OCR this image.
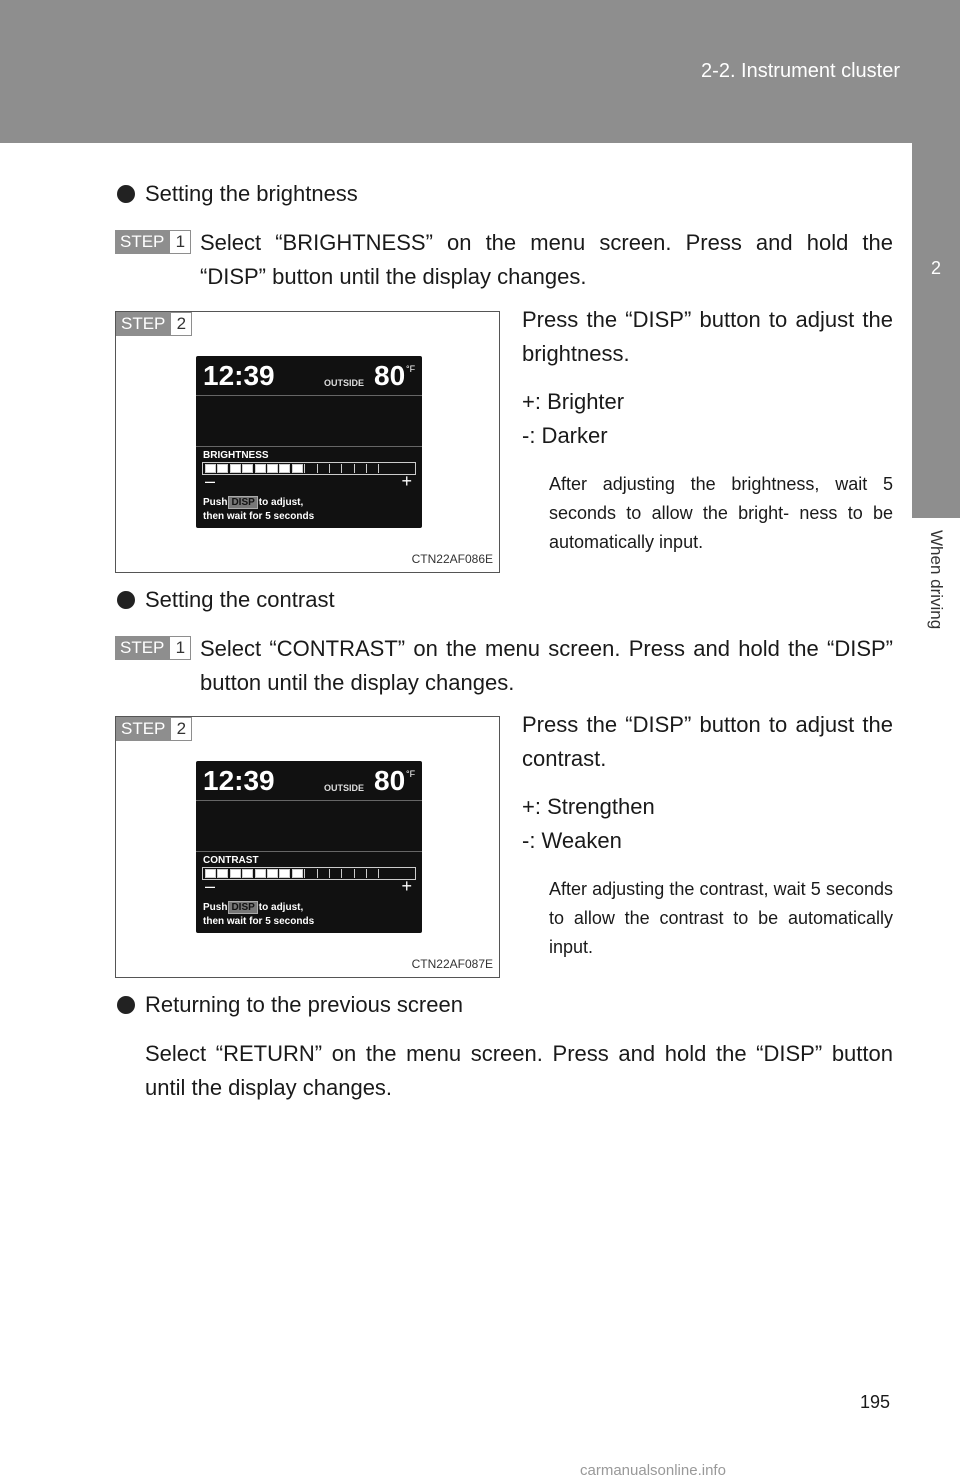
2-2. Instrument cluster
2
When driving
Setting the brightness
STEP 1 Select “BRIGHTNESS” on the menu screen. Press and hold the “DISP” button until the display changes.
STEP 2
12:39	OUTSIDE 80 °F
BRIGHTNESS
–	+
Push DISP to adjust,
then wait for 5 seconds
CTN22AF086E
Press the “DISP” button to adjust the brightness.
+: Brighter
-: Darker
After adjusting the brightness, wait 5 seconds to allow the bright- ness to be automatically input.
Setting the contrast
STEP 1 Select “CONTRAST” on the menu screen. Press and hold the “DISP” button until the display changes.
STEP 2
12:39	OUTSIDE 80 °F
CONTRAST
–	+
Push DISP to adjust,
then wait for 5 seconds
CTN22AF087E
Press the “DISP” button to adjust the contrast.
+: Strengthen
-: Weaken
After adjusting the contrast, wait 5 seconds to allow the contrast to be automatically input.
Returning to the previous screen
Select “RETURN” on the menu screen. Press and hold the “DISP” button until the display changes.
195
carmanualsonline.info
